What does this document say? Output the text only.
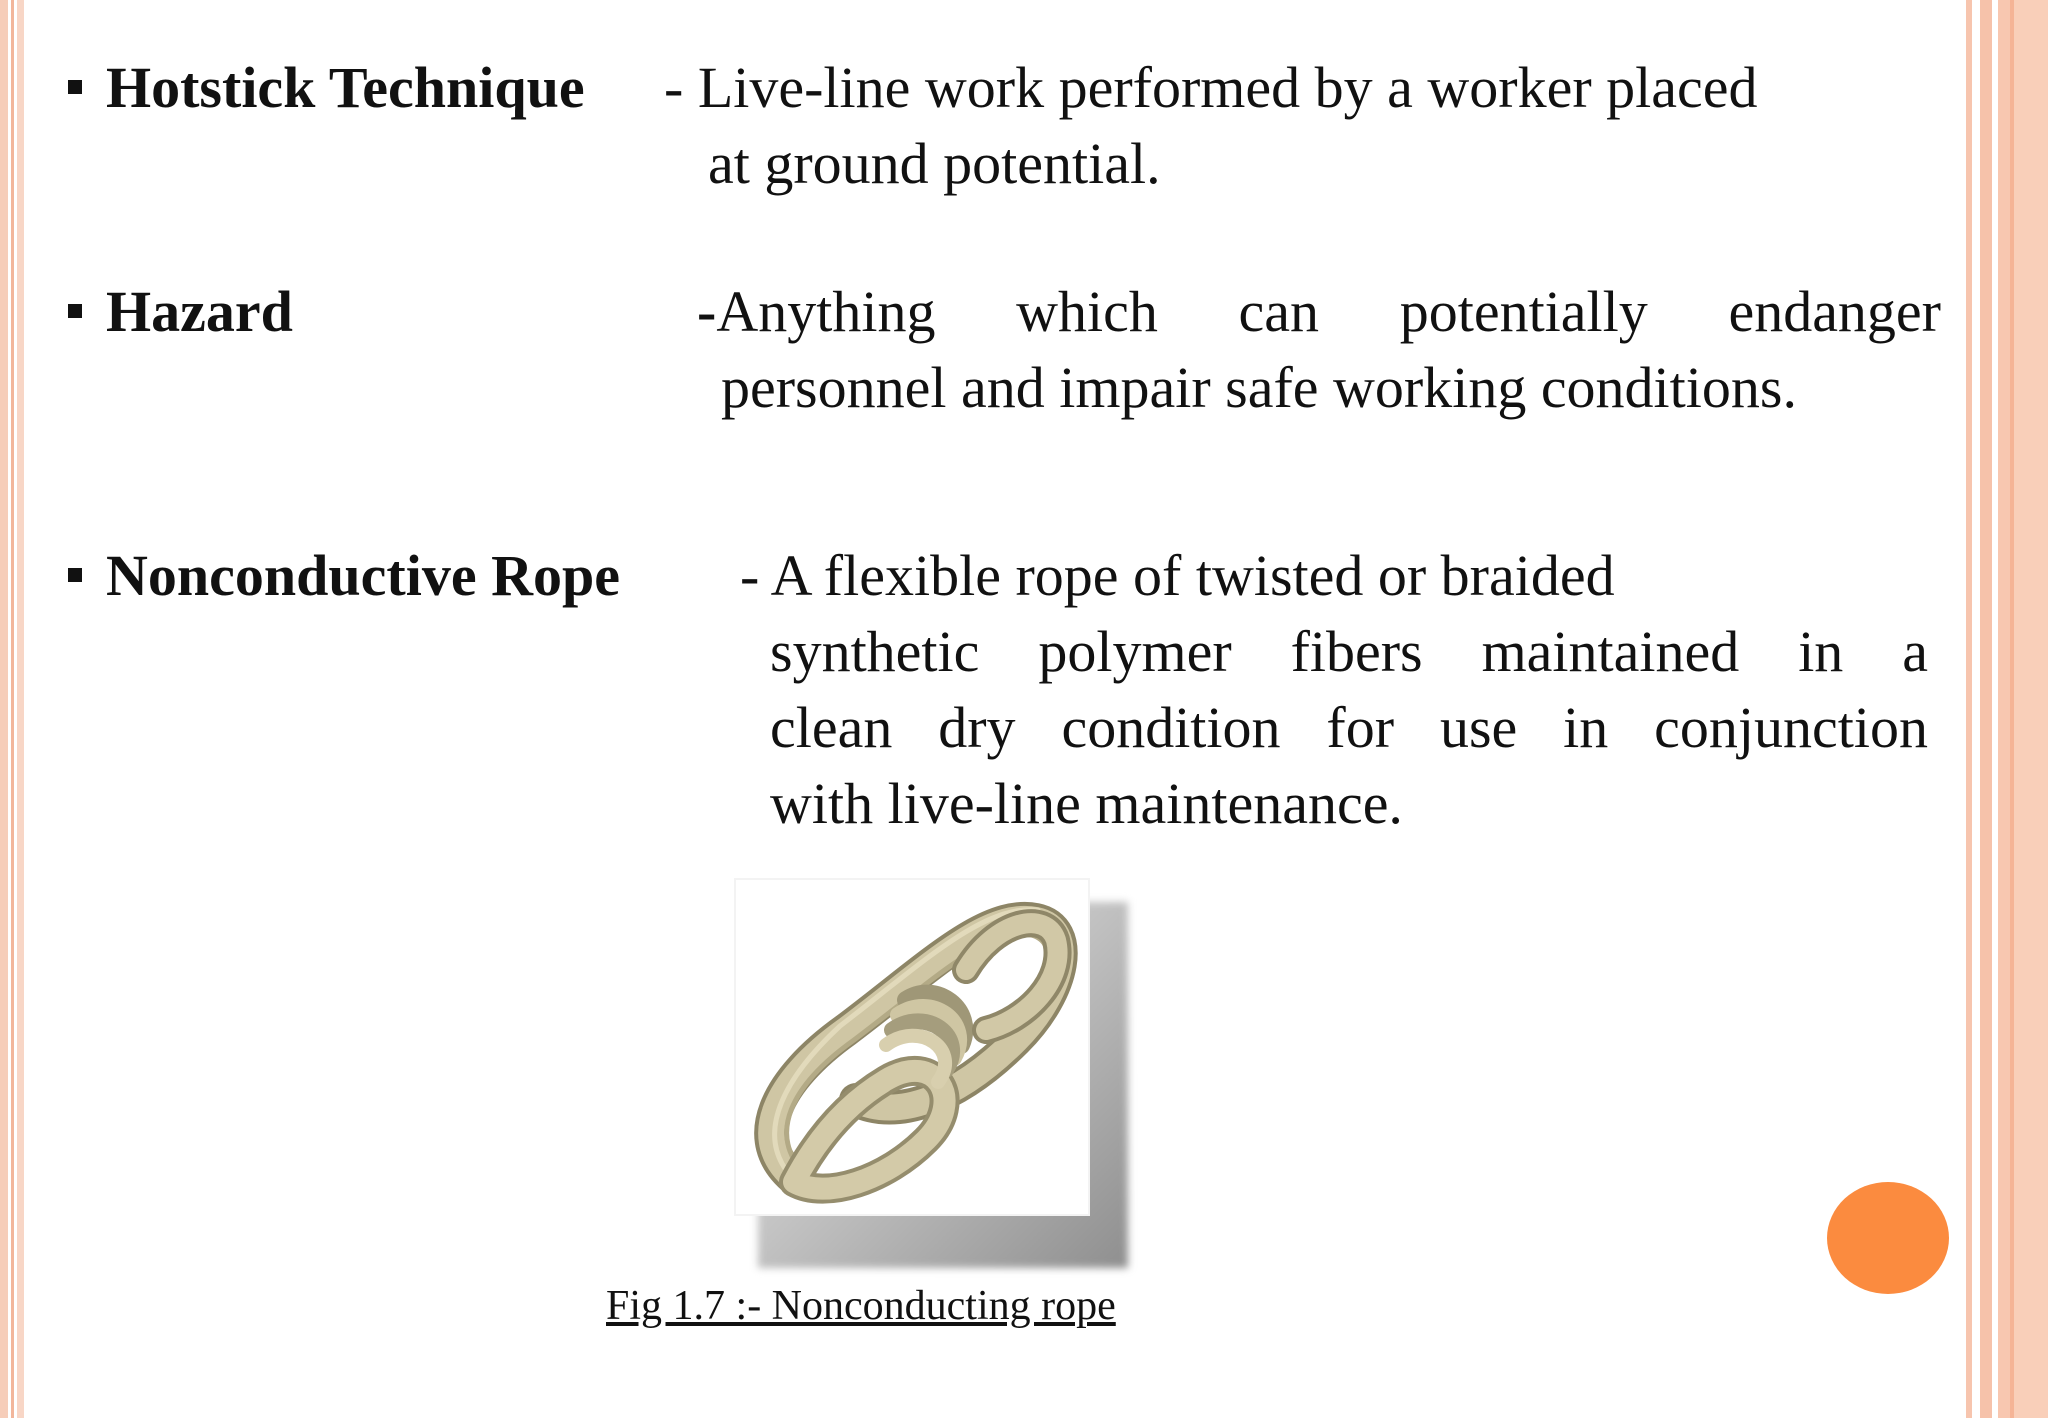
Hotstick Technique - Live-line work performed by a worker placed
at ground potential.
Hazard	-Anything which can potentially endanger
personnel and impair safe working conditions.
Nonconductive Rope - A flexible rope of twisted or braided
synthetic polymer fibers maintained in a
clean dry condition for use in conjunction
with live-line maintenance.
Fig 1.7 :- Nonconducting rope
